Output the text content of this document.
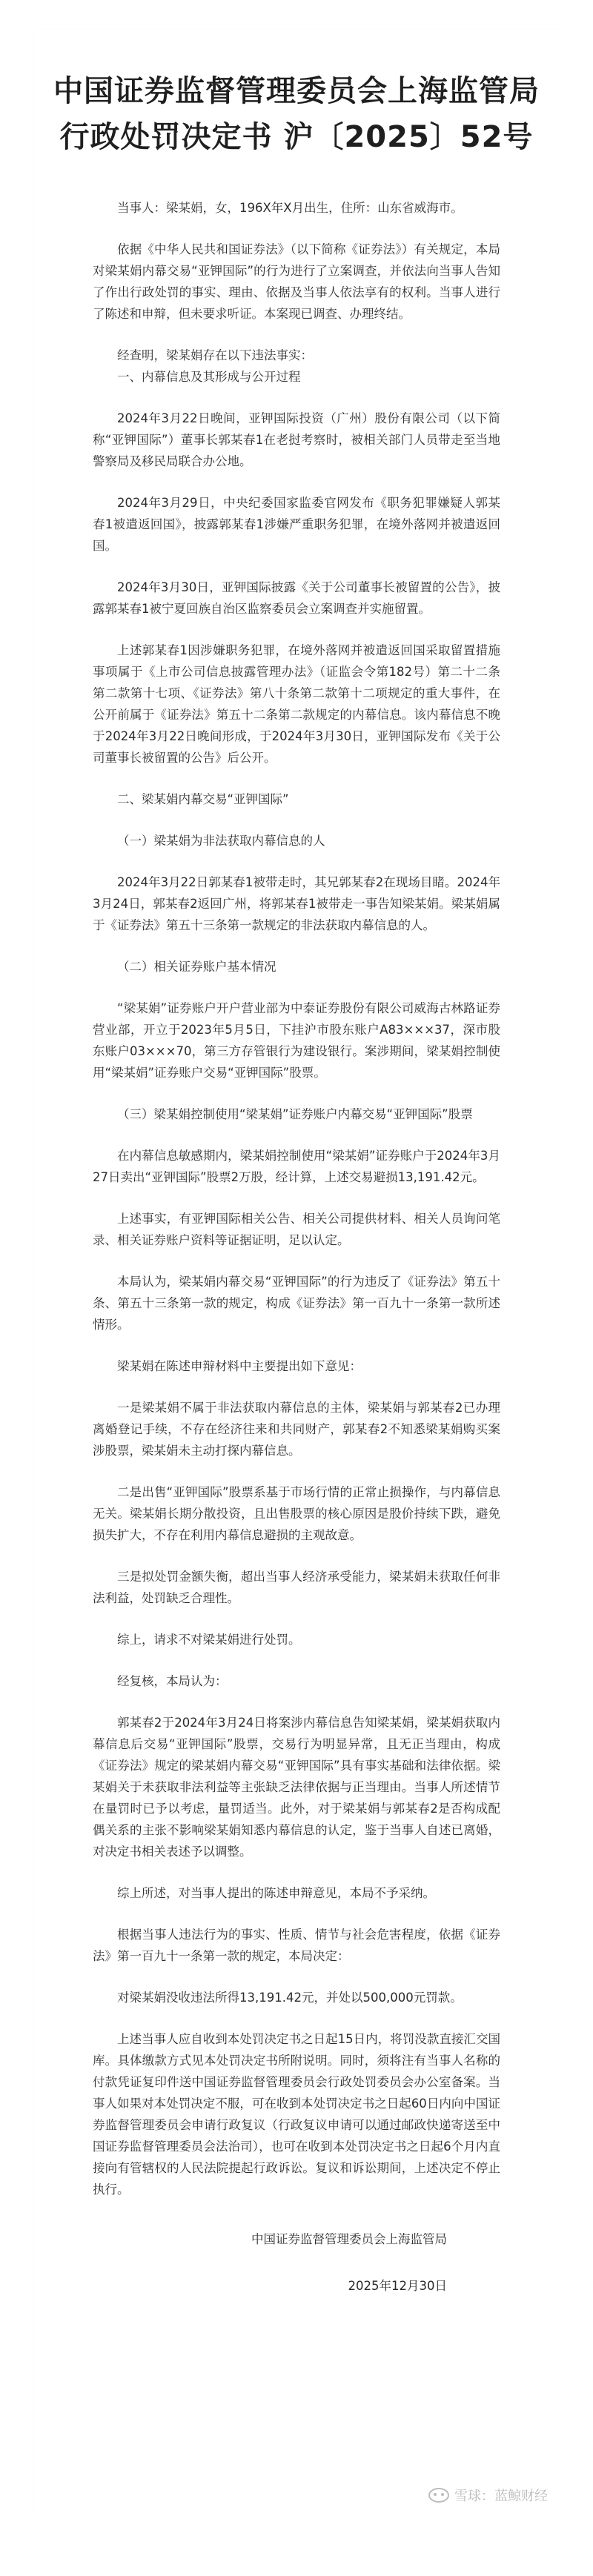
中国证券监督管理委员会上海监管局
行政处罚决定书 沪〔2025〕52号

当事人：梁某娟，女，196X年X月出生，住所：山东省威海市。

依据《中华人民共和国证券法》（以下简称《证券法》）有关规定，本局对梁某娟内幕交易“亚钾国际”的行为进行了立案调查，并依法向当事人告知了作出行政处罚的事实、理由、依据及当事人依法享有的权利。当事人进行了陈述和申辩，但未要求听证。本案现已调查、办理终结。

经查明，梁某娟存在以下违法事实：

一、内幕信息及其形成与公开过程

2024年3月22日晚间，亚钾国际投资（广州）股份有限公司（以下简称“亚钾国际”）董事长郭某春1在老挝考察时，被相关部门人员带走至当地警察局及移民局联合办公地。

2024年3月29日，中央纪委国家监委官网发布《职务犯罪嫌疑人郭某春1被遣返回国》，披露郭某春1涉嫌严重职务犯罪，在境外落网并被遣返回国。

2024年3月30日，亚钾国际披露《关于公司董事长被留置的公告》，披露郭某春1被宁夏回族自治区监察委员会立案调查并实施留置。

上述郭某春1因涉嫌职务犯罪，在境外落网并被遣返回国采取留置措施事项属于《上市公司信息披露管理办法》（证监会令第182号）第二十二条第二款第十七项、《证券法》第八十条第二款第十二项规定的重大事件，在公开前属于《证券法》第五十二条第二款规定的内幕信息。该内幕信息不晚于2024年3月22日晚间形成，于2024年3月30日，亚钾国际发布《关于公司董事长被留置的公告》后公开。

二、梁某娟内幕交易“亚钾国际”

（一）梁某娟为非法获取内幕信息的人

2024年3月22日郭某春1被带走时，其兄郭某春2在现场目睹。2024年3月24日，郭某春2返回广州，将郭某春1被带走一事告知梁某娟。梁某娟属于《证券法》第五十三条第一款规定的非法获取内幕信息的人。

（二）相关证券账户基本情况

“梁某娟”证券账户开户营业部为中泰证券股份有限公司威海古林路证券营业部，开立于2023年5月5日，下挂沪市股东账户A83×××37，深市股东账户03×××70，第三方存管银行为建设银行。案涉期间，梁某娟控制使用“梁某娟”证券账户交易“亚钾国际”股票。

（三）梁某娟控制使用“梁某娟”证券账户内幕交易“亚钾国际”股票

在内幕信息敏感期内，梁某娟控制使用“梁某娟”证券账户于2024年3月27日卖出“亚钾国际”股票2万股，经计算，上述交易避损13,191.42元。

上述事实，有亚钾国际相关公告、相关公司提供材料、相关人员询问笔录、相关证券账户资料等证据证明，足以认定。

本局认为，梁某娟内幕交易“亚钾国际”的行为违反了《证券法》第五十条、第五十三条第一款的规定，构成《证券法》第一百九十一条第一款所述情形。

梁某娟在陈述申辩材料中主要提出如下意见：

一是梁某娟不属于非法获取内幕信息的主体，梁某娟与郭某春2已办理离婚登记手续，不存在经济往来和共同财产，郭某春2不知悉梁某娟购买案涉股票，梁某娟未主动打探内幕信息。

二是出售“亚钾国际”股票系基于市场行情的正常止损操作，与内幕信息无关。梁某娟长期分散投资，且出售股票的核心原因是股价持续下跌，避免损失扩大，不存在利用内幕信息避损的主观故意。

三是拟处罚金额失衡，超出当事人经济承受能力，梁某娟未获取任何非法利益，处罚缺乏合理性。

综上，请求不对梁某娟进行处罚。

经复核，本局认为：

郭某春2于2024年3月24日将案涉内幕信息告知梁某娟，梁某娟获取内幕信息后交易“亚钾国际”股票，交易行为明显异常，且无正当理由，构成《证券法》规定的梁某娟内幕交易“亚钾国际”具有事实基础和法律依据。梁某娟关于未获取非法利益等主张缺乏法律依据与正当理由。当事人所述情节在量罚时已予以考虑，量罚适当。此外，对于梁某娟与郭某春2是否构成配偶关系的主张不影响梁某娟知悉内幕信息的认定，鉴于当事人自述已离婚，对决定书相关表述予以调整。

综上所述，对当事人提出的陈述申辩意见，本局不予采纳。

根据当事人违法行为的事实、性质、情节与社会危害程度，依据《证券法》第一百九十一条第一款的规定，本局决定：

对梁某娟没收违法所得13,191.42元，并处以500,000元罚款。

上述当事人应自收到本处罚决定书之日起15日内，将罚没款直接汇交国库。具体缴款方式见本处罚决定书所附说明。同时，须将注有当事人名称的付款凭证复印件送中国证券监督管理委员会行政处罚委员会办公室备案。当事人如果对本处罚决定不服，可在收到本处罚决定书之日起60日内向中国证券监督管理委员会申请行政复议（行政复议申请可以通过邮政快递寄送至中国证券监督管理委员会法治司），也可在收到本处罚决定书之日起6个月内直接向有管辖权的人民法院提起行政诉讼。复议和诉讼期间，上述决定不停止执行。

中国证券监督管理委员会上海监管局

2025年12月30日

雪球：蓝鲸财经
